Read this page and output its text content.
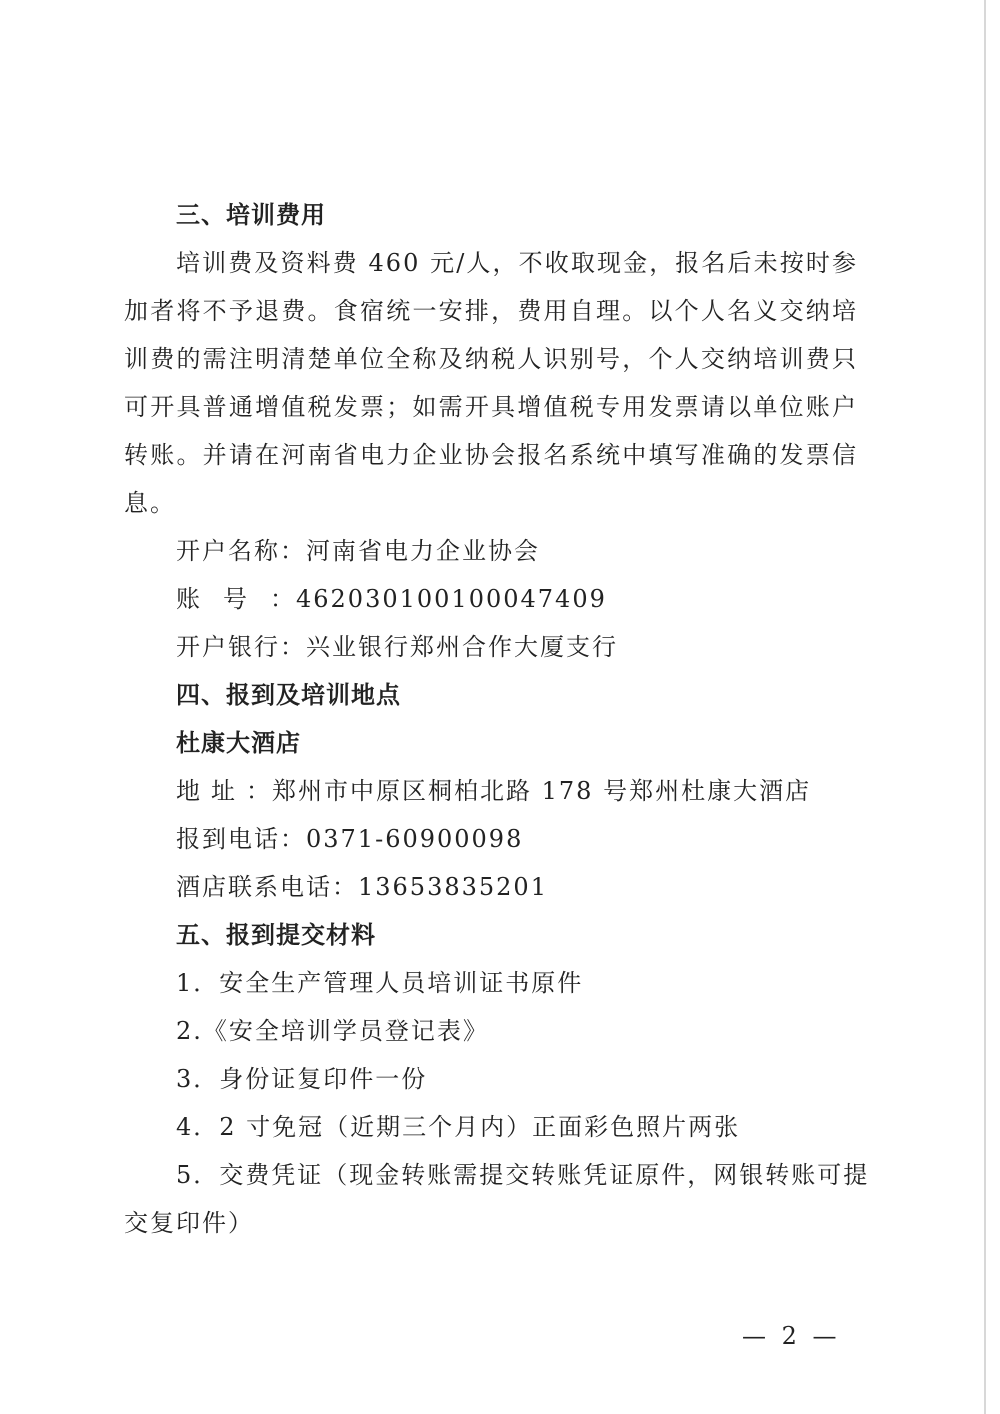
三、培训费用
培训费及资料费 460 元/人，不收取现金，报名后未按时参
加者将不予退费。食宿统一安排，费用自理。以个人名义交纳培
训费的需注明清楚单位全称及纳税人识别号，个人交纳培训费只
可开具普通增值税发票；如需开具增值税专用发票请以单位账户
转账。并请在河南省电力企业协会报名系统中填写准确的发票信
息。
开户名称：河南省电力企业协会
账号：462030100100047409
开户银行：兴业银行郑州合作大厦支行
四、报到及培训地点
杜康大酒店
地址：郑州市中原区桐柏北路 178 号郑州杜康大酒店
报到电话：0371-60900098
酒店联系电话：13653835201
五、报到提交材料
1．安全生产管理人员培训证书原件
2.《安全培训学员登记表》
3．身份证复印件一份
4．2 寸免冠（近期三个月内）正面彩色照片两张
5．交费凭证（现金转账需提交转账凭证原件，网银转账可提
交复印件）
— 2 —
